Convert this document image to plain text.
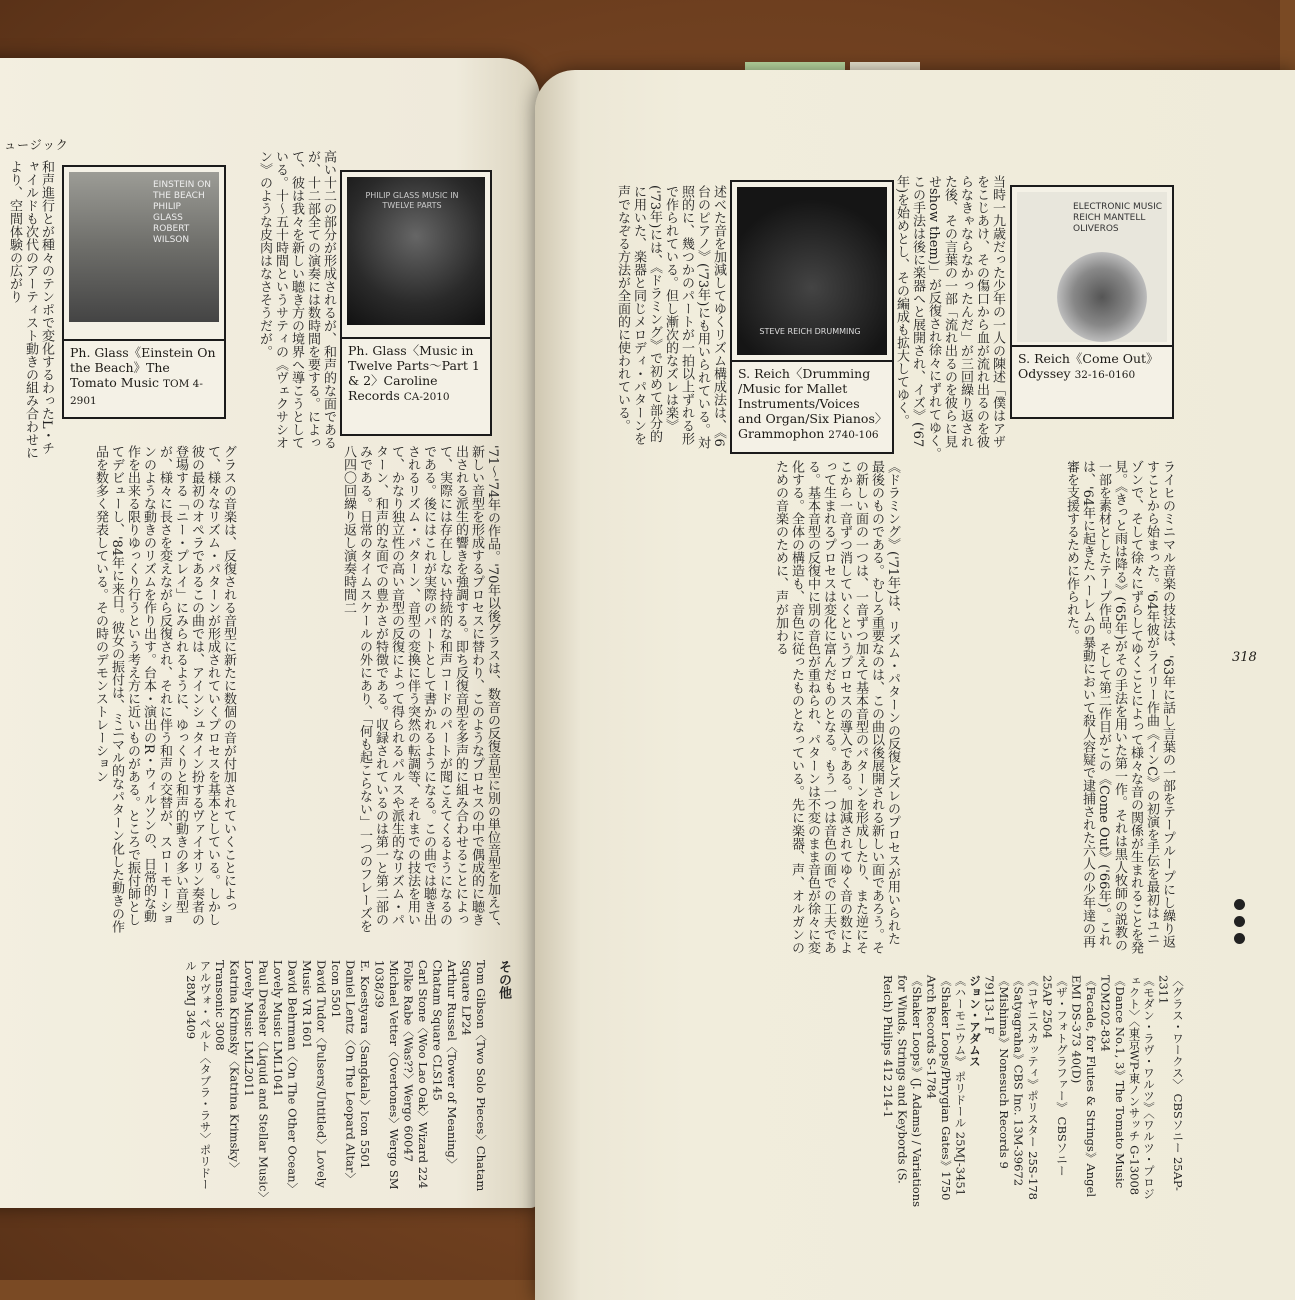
ュージック
和声進行とが種々のテンポで変化するわったL・チャイルドも次代のアーティスト動きの組み合わせにより、空間体験の広がり	EINSTEIN ON THE BEACH PHILIP GLASS ROBERT WILSON
Ph. Glass《Einstein On the Beach》The Tomato Music TOM 4-2901
PHILIP GLASS MUSIC IN TWELVE PARTS
Ph. Glass〈Music in Twelve Parts～Part 1 & 2〉Caroline Records CA-2010
高い十二の部分が形成されるが、和声的な面であるが、十二部全ての演奏には数時間を要する。によって、彼は我々を新しい聴き方の境界へ導こうとしている。十〜五十時間というサティの《ヴェクサシオン》のような皮肉はなさそうだが。
'71〜'74年の作品。'70年以後グラスは、数音の反復音型に別の単位音型を加えて、新しい音型を形成するプロセスに替わり、このようなプロセスの中で偶成的に聴き出される派生的響きを強調する。即ち反復音型を多声的に組み合わせることによって、実際には存在しない持続的な和声コードのパートが聞こえてくるようになるのである。後にはこれが実際のパートとして書かれるようになる。この曲では聴き出されるリズム・パターン、音型の変換に伴う突然の転調等、それまでの技法を用いて、かなり独立性の高い音型の反復によって得られるパルスや派生的なリズム・パターン、和声的な面での豊かさが特徴である。収録されているのは第一と第二部のみである。日常のタイムスケールの外にあり、「何も起こらない」一つのフレーズを八四〇回繰り返し演奏時間二
グラスの音楽は、反復される音型に新たに数個の音が付加されていくことによって、様々なリズム・パターンが形成されていくプロセスを基本としている。しかし彼の最初のオペラであるこの曲では、アインシュタイン扮するヴァイオリン奏者の登場する「ニー・プレイ」にみられるように、ゆっくりと和声的動きの多い音型が、様々に長さを変えながら反復され、それに伴う和声の交替が、スローモーションのような動きのリズムを作り出す。台本・演出のR・ウィルソンの、日常的な動作を出来る限りゆっくり行うという考え方に近いものがある。ところで振付師としてデビューし、'84年に来日。彼女の振付は、ミニマル的なパターン化した動きの作品を数多く発表している。その時のデモンストレーション
その他
Tom Gibson〈Two Solo Pieces〉Chatam Square LP24
Arthur Russel〈Tower of Meaning〉Chatam Square CLS145
Carl Stone〈Woo Lao Oak〉Wizard 224
Folke Rabe〈Was??〉Wergo 60047
Michael Vetter〈Overtones〉Wergo SM 1038/39
E. Koestyara〈Sangkala〉Icon 5501
Daniel Lentz〈On The Leopard Altar〉Icon 5501
David Tudor〈Pulsers/Untitled〉Lovely Music VR 1601
David Behrman〈On The Other Ocean〉Lovely Music LML1041
Paul Dresher〈Liquid and Stellar Music〉Lovely Music LML2011
Katrina Krimsky〈Katrina Krimsky〉Transonic 3008
アルヴォ・ペルト〈タブラ・ラサ〉ポリドール 28MJ 3409
STEVE REICH DRUMMING
S. Reich〈Drumming /Music for Mallet Instruments/Voices and Organ/Six Pianos〉Grammophon 2740-106
ELECTRONIC MUSIC REICH MANTELL OLIVEROS
S. Reich《Come Out》Odyssey 32-16-0160
当時一九歳だった少年の一人の陳述「僕はアザをこじあけ、その傷口から血が流れ出るのを彼らなきゃならなかったんだ」が三回繰り返された後、その言葉の一部「流れ出るのを彼らに見せshow them)」が反復され徐々にずれてゆく。この手法は後に楽器へと展開され、イズ》('67年)を始めとし、その編成も拡大してゆく。
述べた音を加減してゆくリズム構成法は、《6台のピアノ》('73年)にも用いられている。対照的に、幾つかのパートが一拍以上ずれる形で作られている。但し漸次的なズレは楽》('73年)には、《ドラミング》で初めて部分的に用いた、楽器と同じメロディ・パターンを声でなぞる方法が全面的に使われている。
ライヒのミニマル音楽の技法は、'63年に話し言葉の一部をテープループにし繰り返すことから始まった。'64年彼がライリー作曲《インC》の初演を手伝を最初はユニゾンで、そして徐々にずらしてゆくことによって様々な音の関係が生まれることを発見。《きっと雨は降る》('65年)がその手法を用いた第一作。それは黒人牧師の説教の一部を素材としたテープ作品。そして第二作目がこの《Come Out》('66年)。これは、'64年に起きたハーレムの暴動において殺人容疑で逮捕された六人の少年達の再審を支援するために作られた。
《ドラミング》('71年)は、リズム・パターンの反復とズレのプロセスが用いられた最後のものである。むしろ重要なのは、この曲以後展開される新しい面であろう。その新しい面の一つは、一音ずつ加えて基本音型のパターンを形成したり、また逆にそこから一音ずつ消していくというプロセスの導入である。加減されてゆく音の数によって生まれるプロセスは変化に富んだものとなる。もう一つは音色の面での工夫である。基本音型の反復中に別の音色が重ねられ、パターンは不変のまま音色が徐々に変化する。全体の構造も、音色に従ったものとなっている。先に楽器、声、オルガンのための音楽のために、声が加わる
〈グラス・ワークス〉 CBSソニー 25AP-2311
《モダン・ラヴ・ワルツ》〈ワルツ・プロジェクト〉〈東京WP-東ノンサッチ G-13008
《Dance No.1, 3》The Tomato Music TOM202-834
《Facade, for Flutes & Strings》Angel EMI DS-373 40(D)
《ザ・フォトグラファー》 CBSソニー 25AP 2504
《コヤニスカッティ》ポリスター 25S-178
《Satyagraha》CBS Inc. 13M-39672
《Mishima》Nonesuch Records 9 79113-1 F
ジョン・アダムス
《ハーモニウム》 ポリドール 25MJ-3451
《Shaker Loops/Phrygian Gates》1750 Arch Records S-1784
《Shaker Loops》(J. Adams) / Variations for Winds, Strings and Keybords (S. Reich) Philips 412 214-1
318
